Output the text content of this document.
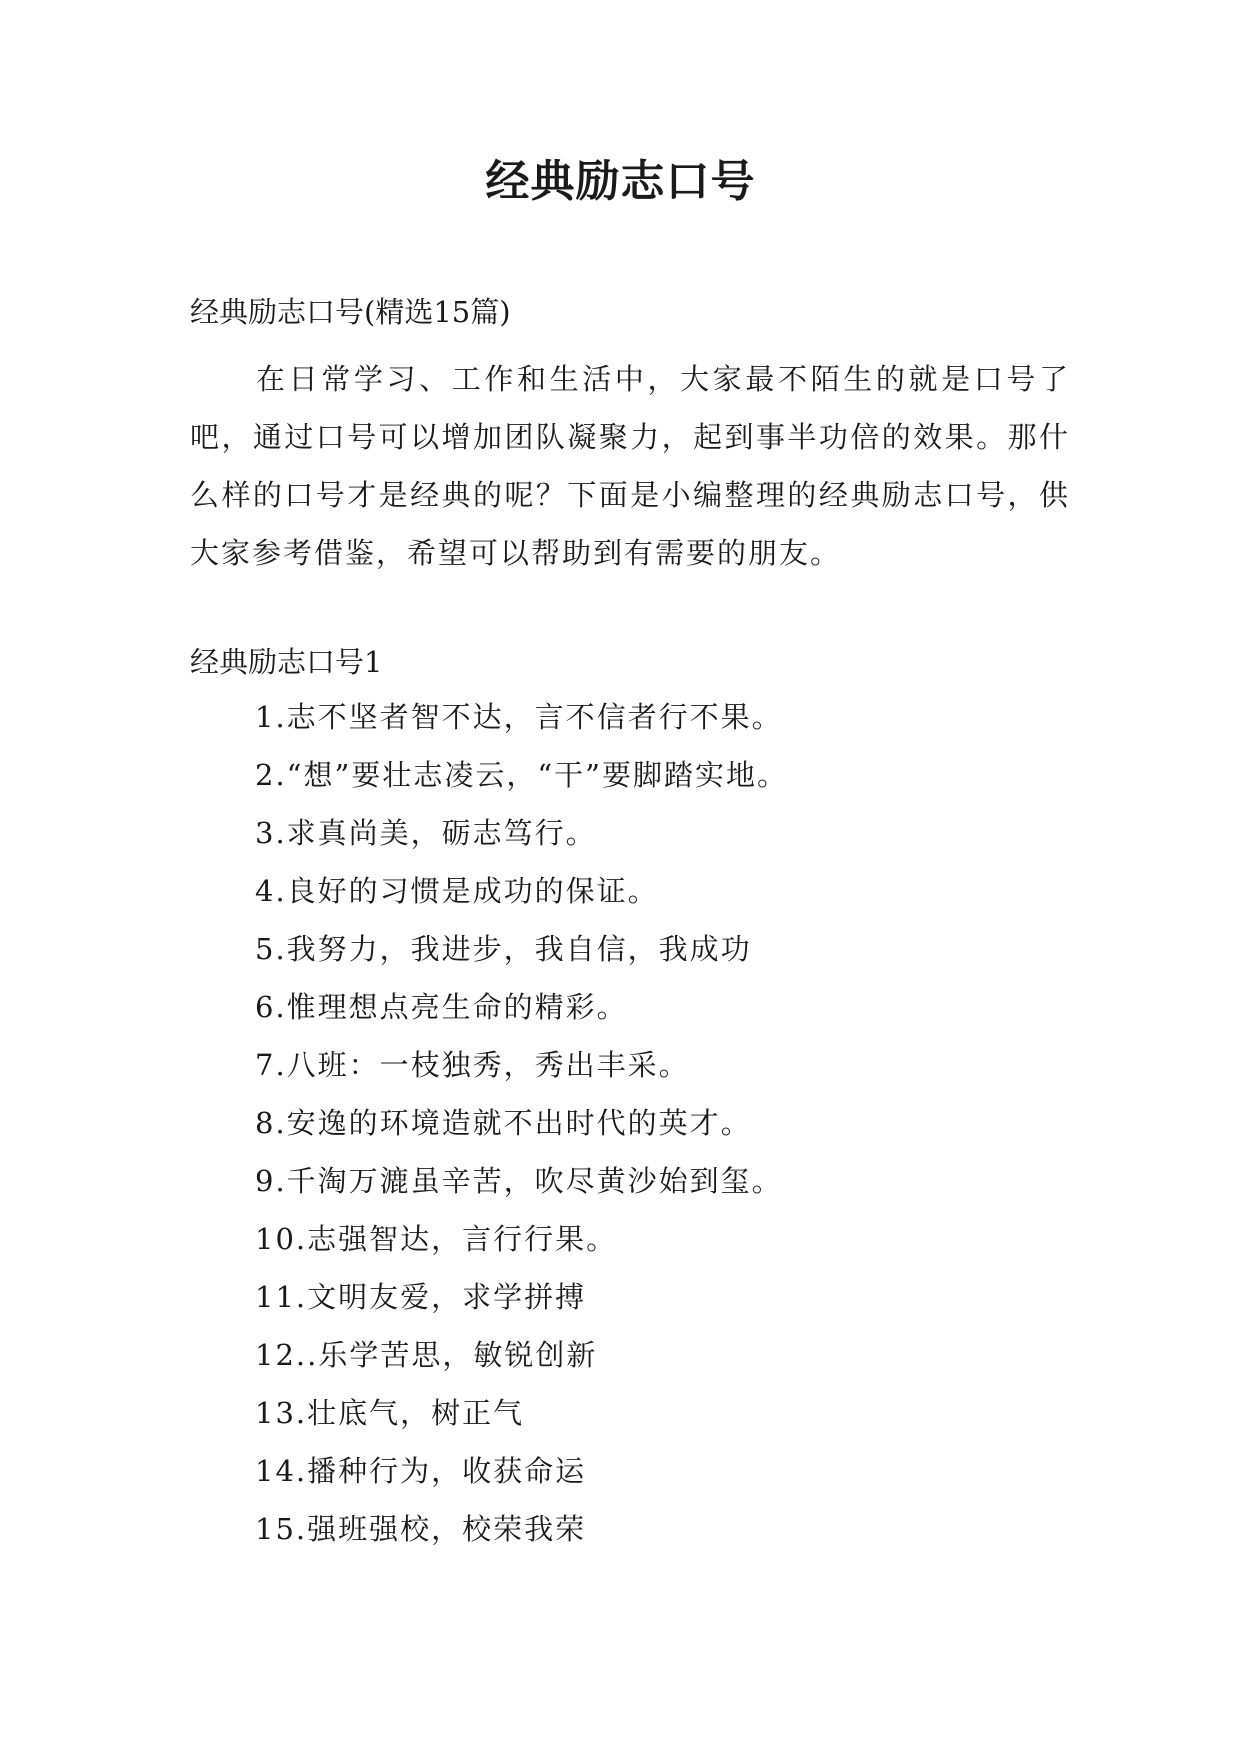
经典励志口号

经典励志口号(精选15篇)

在日常学习、工作和生活中，大家最不陌生的就是口号了吧，通过口号可以增加团队凝聚力，起到事半功倍的效果。那什么样的口号才是经典的呢？下面是小编整理的经典励志口号，供大家参考借鉴，希望可以帮助到有需要的朋友。

经典励志口号1

1.志不坚者智不达，言不信者行不果。
2.“想”要壮志凌云，“干”要脚踏实地。
3.求真尚美，砺志笃行。
4.良好的习惯是成功的保证。
5.我努力，我进步，我自信，我成功
6.惟理想点亮生命的精彩。
7.八班：一枝独秀，秀出丰采。
8.安逸的环境造就不出时代的英才。
9.千淘万漉虽辛苦，吹尽黄沙始到玺。
10.志强智达，言行行果。
11.文明友爱，求学拼搏
12..乐学苦思，敏锐创新
13.壮底气，树正气
14.播种行为，收获命运
15.强班强校，校荣我荣
